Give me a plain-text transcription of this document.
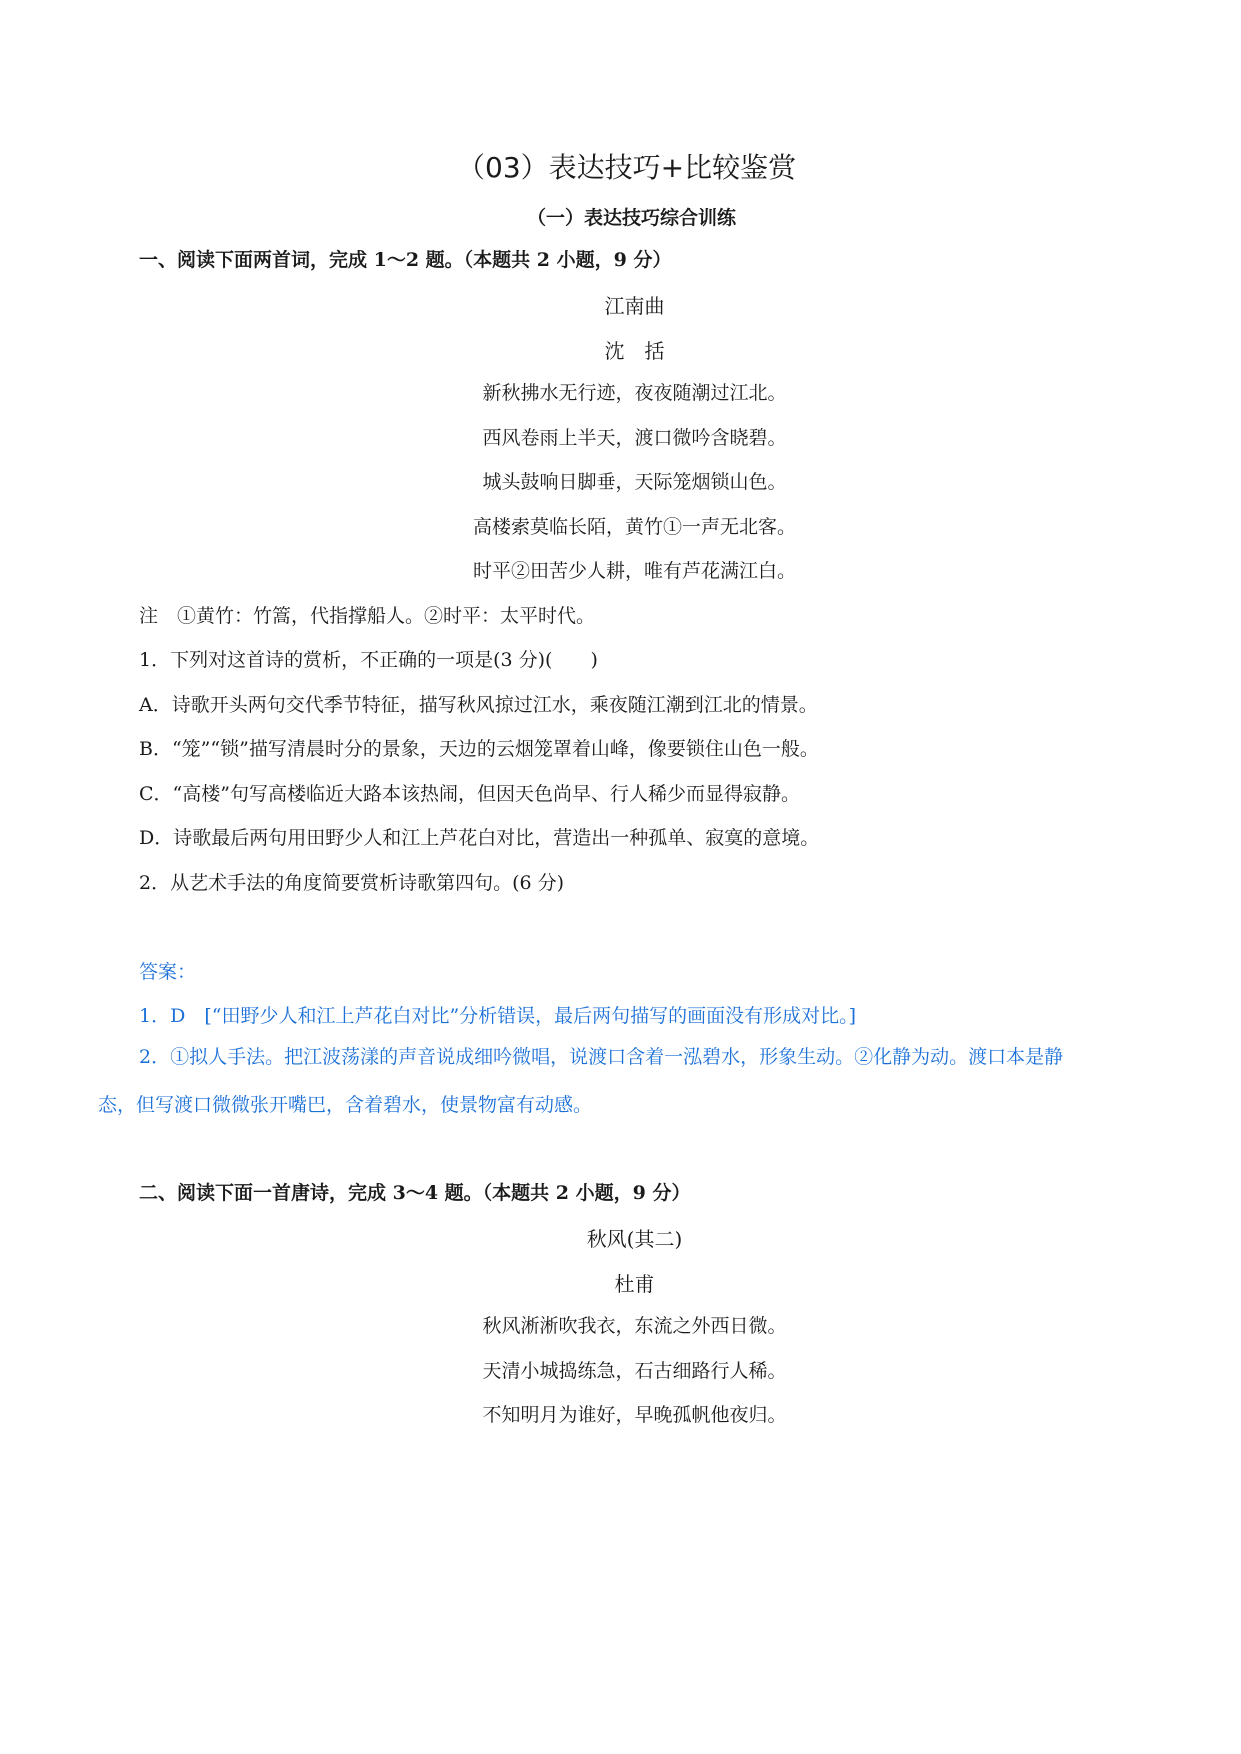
（03）表达技巧+比较鉴赏
（一）表达技巧综合训练
一、阅读下面两首词，完成 1～2 题。（本题共 2 小题，9 分）
江南曲
沈　括
新秋拂水无行迹，夜夜随潮过江北。
西风卷雨上半天，渡口微吟含晓碧。
城头鼓响日脚垂，天际笼烟锁山色。
高楼索莫临长陌，黄竹①一声无北客。
时平②田苦少人耕，唯有芦花满江白。
注　①黄竹：竹篙，代指撑船人。②时平：太平时代。
1．下列对这首诗的赏析，不正确的一项是(3 分)(　　)
A．诗歌开头两句交代季节特征，描写秋风掠过江水，乘夜随江潮到江北的情景。
B．“笼”“锁”描写清晨时分的景象，天边的云烟笼罩着山峰，像要锁住山色一般。
C．“高楼”句写高楼临近大路本该热闹，但因天色尚早、行人稀少而显得寂静。
D．诗歌最后两句用田野少人和江上芦花白对比，营造出一种孤单、寂寞的意境。
2．从艺术手法的角度简要赏析诗歌第四句。(6 分)
答案：
1．D　[“田野少人和江上芦花白对比”分析错误，最后两句描写的画面没有形成对比。]
2．①拟人手法。把江波荡漾的声音说成细吟微唱，说渡口含着一泓碧水，形象生动。②化静为动。渡口本是静态，但写渡口微微张开嘴巴，含着碧水，使景物富有动感。
二、阅读下面一首唐诗，完成 3～4 题。（本题共 2 小题，9 分）
秋风(其二)
杜甫
秋风淅淅吹我衣，东流之外西日微。
天清小城捣练急，石古细路行人稀。
不知明月为谁好，早晚孤帆他夜归。
